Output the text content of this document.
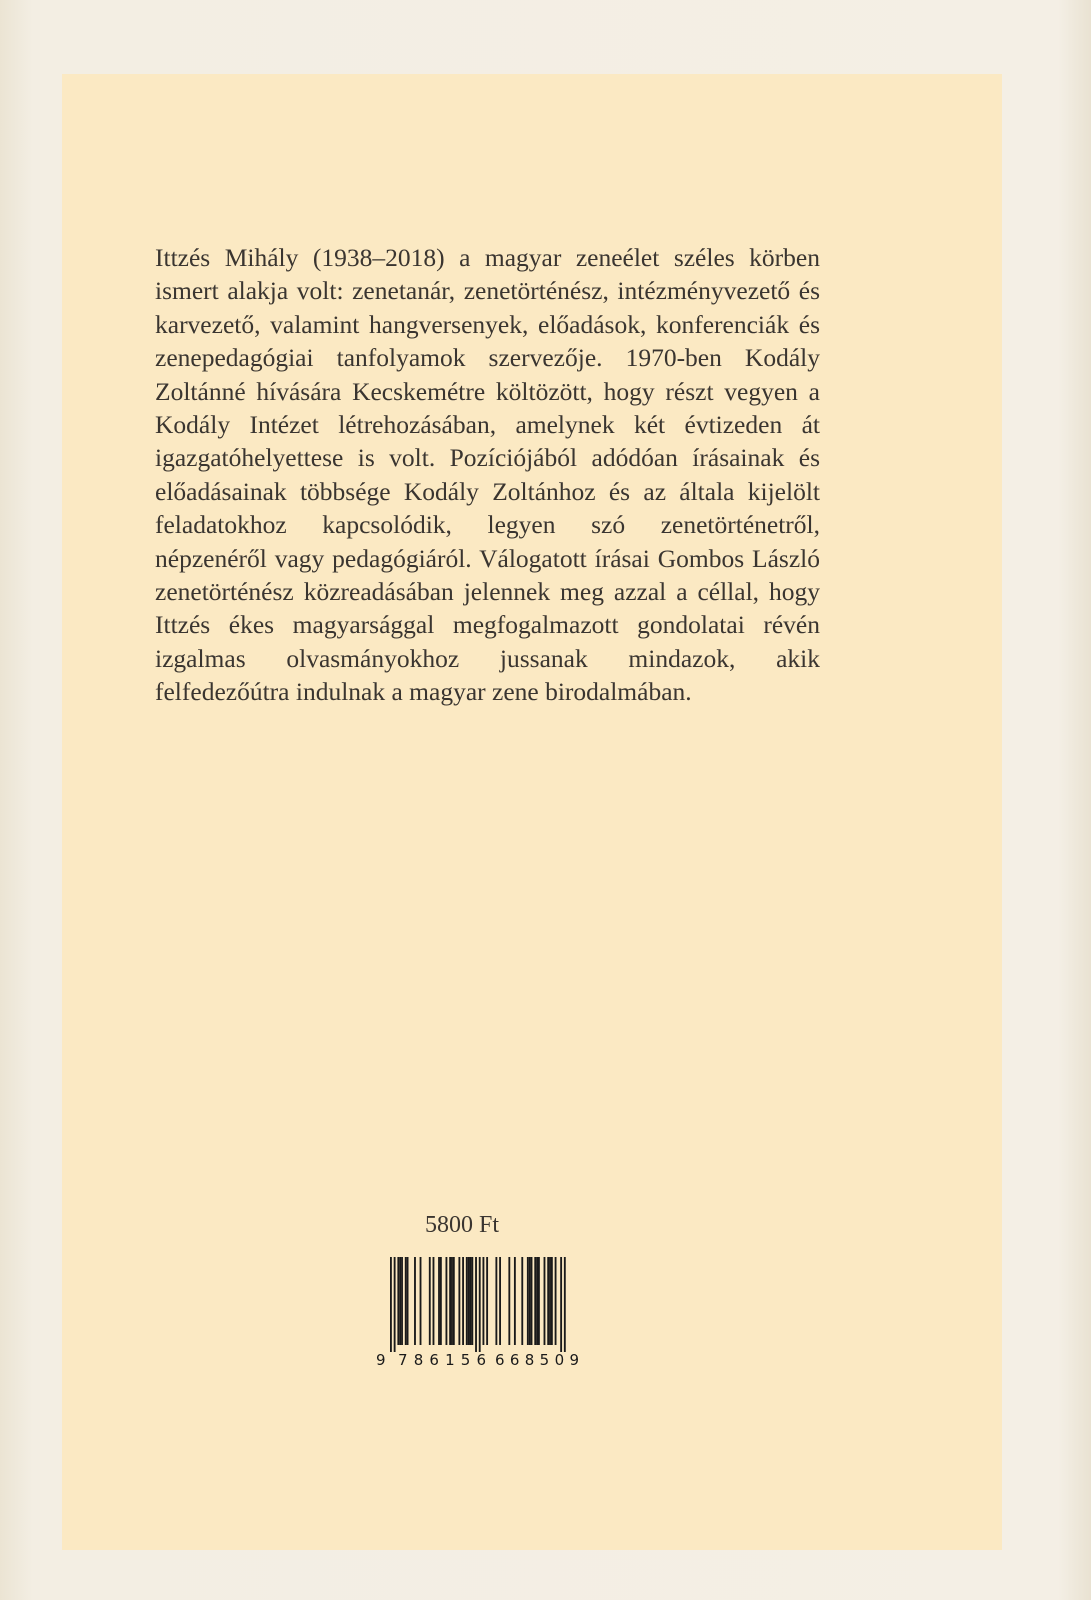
Ittzés Mihály (1938–2018) a magyar zeneélet széles körben ismert alakja volt: zenetanár, zenetörténész, intézményvezető és karvezető, valamint hangversenyek, előadások, konferenciák és zenepedagógiai tanfolyamok szervezője. 1970-ben Kodály Zoltánné hívására Kecskemétre költözött, hogy részt vegyen a Kodály Intézet létrehozásában, amelynek két évtizeden át igazgatóhelyettese is volt. Pozíciójából adódóan írásainak és előadásainak többsége Kodály Zoltánhoz és az általa kijelölt feladatokhoz kapcsolódik, legyen szó zenetörténetről, népzenéről vagy pedagógiáról. Válogatott írásai Gombos László zenetörténész közreadásában jelennek meg azzal a céllal, hogy Ittzés ékes magyarsággal megfogalmazott gondolatai révén izgalmas olvasmányokhoz jussanak mindazok, akik felfedezőútra indulnak a magyar zene birodalmában.

5800 Ft
9 786156 668509
